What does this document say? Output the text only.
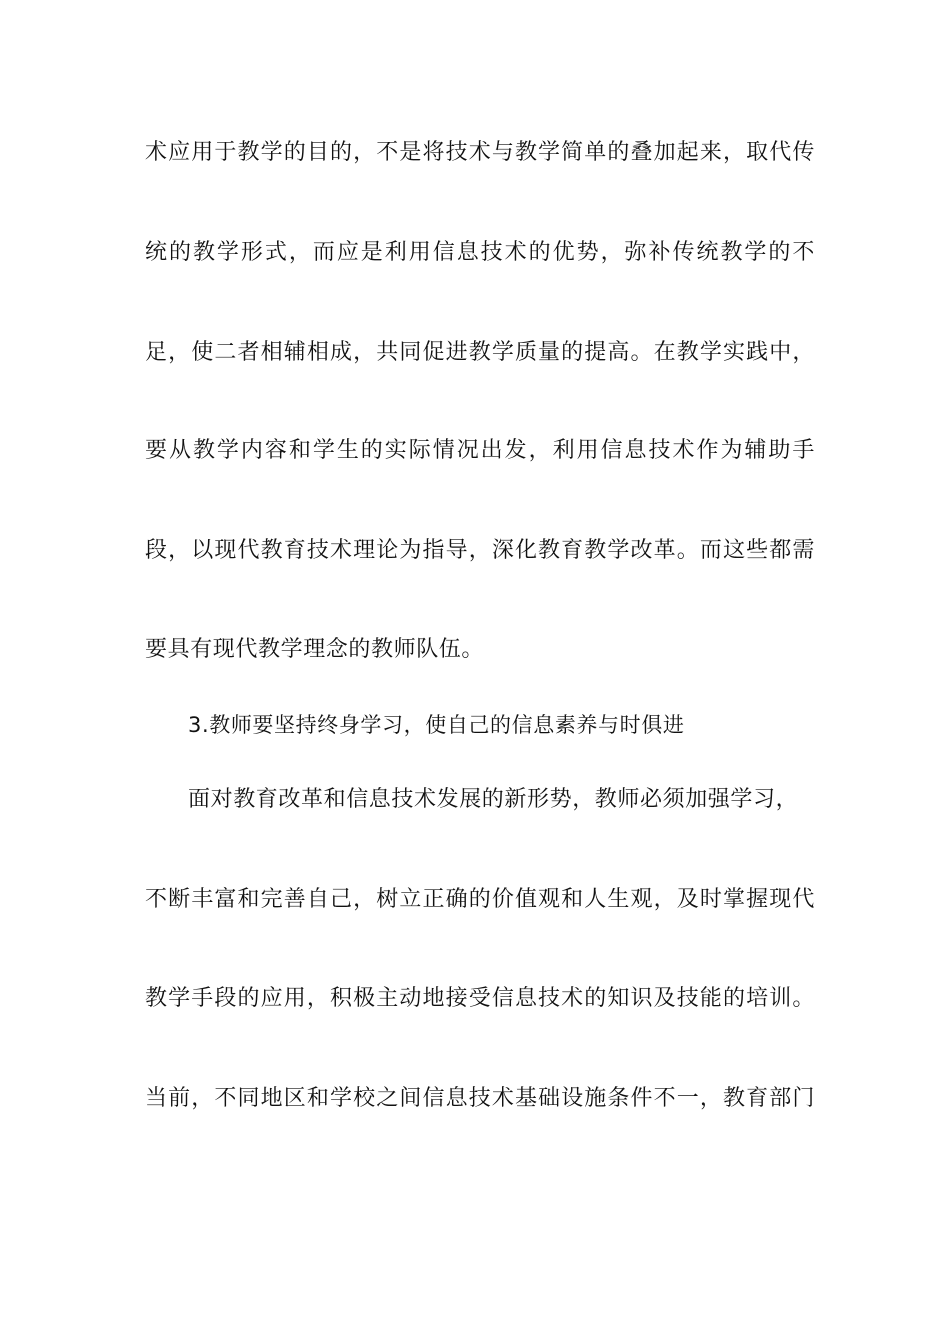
术应用于教学的目的，不是将技术与教学简单的叠加起来，取代传
统的教学形式，而应是利用信息技术的优势，弥补传统教学的不
足，使二者相辅相成，共同促进教学质量的提高。在教学实践中，
要从教学内容和学生的实际情况出发，利用信息技术作为辅助手
段，以现代教育技术理论为指导，深化教育教学改革。而这些都需
要具有现代教学理念的教师队伍。
3.教师要坚持终身学习，使自己的信息素养与时俱进
面对教育改革和信息技术发展的新形势，教师必须加强学习，
不断丰富和完善自己，树立正确的价值观和人生观，及时掌握现代
教学手段的应用，积极主动地接受信息技术的知识及技能的培训。
当前，不同地区和学校之间信息技术基础设施条件不一，教育部门
